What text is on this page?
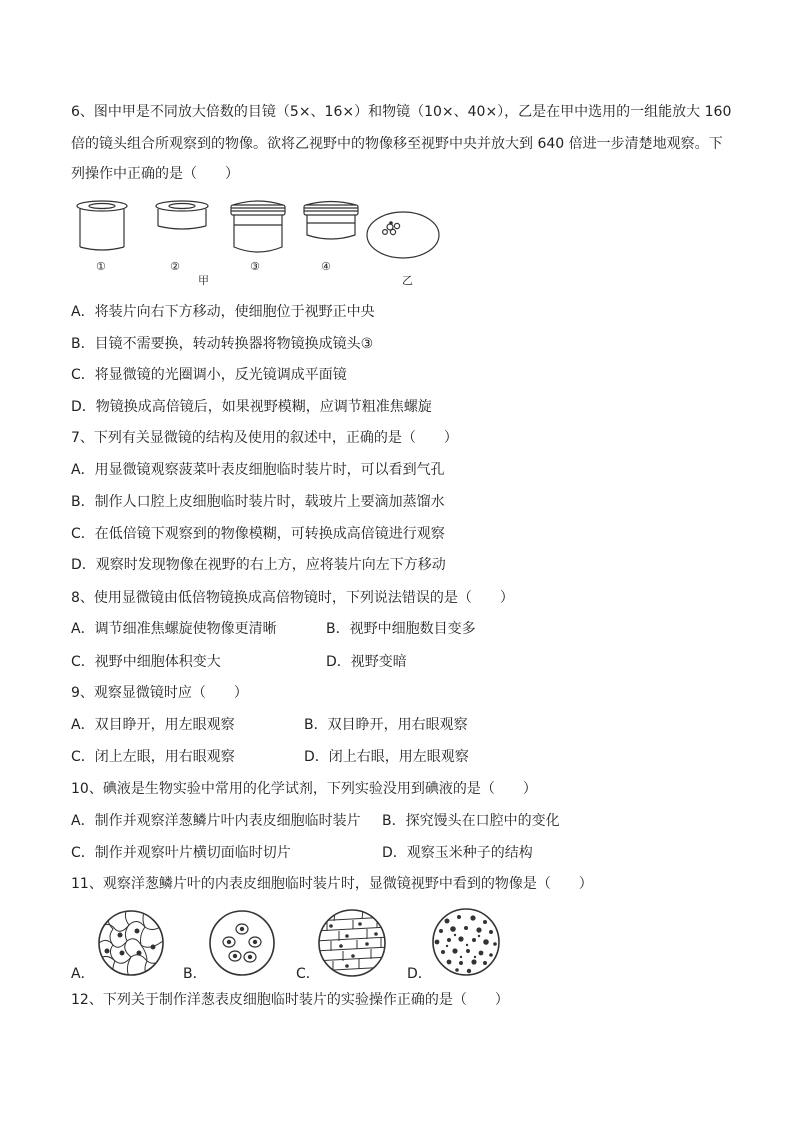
6、图中甲是不同放大倍数的目镜（5×、16×）和物镜（10×、40×），乙是在甲中选用的一组能放大 160
倍的镜头组合所观察到的物像。欲将乙视野中的物像移至视野中央并放大到 640 倍进一步清楚地观察。下
列操作中正确的是（　　）
①	②
甲
③	④
乙
A．将装片向右下方移动，使细胞位于视野正中央
B．目镜不需要换，转动转换器将物镜换成镜头③
C．将显微镜的光圈调小，反光镜调成平面镜
D．物镜换成高倍镜后，如果视野模糊，应调节粗准焦螺旋
7、下列有关显微镜的结构及使用的叙述中，正确的是（　　）
A．用显微镜观察菠菜叶表皮细胞临时装片时，可以看到气孔
B．制作人口腔上皮细胞临时装片时，载玻片上要滴加蒸馏水
C．在低倍镜下观察到的物像模糊，可转换成高倍镜进行观察
D．观察时发现物像在视野的右上方，应将装片向左下方移动
8、使用显微镜由低倍物镜换成高倍物镜时，下列说法错误的是（　　）
A．调节细准焦螺旋使物像更清晰	B．视野中细胞数目变多
C．视野中细胞体积变大	D．视野变暗
9、观察显微镜时应（　　）
A．双目睁开，用左眼观察	B．双目睁开，用右眼观察
C．闭上左眼，用右眼观察	D．闭上右眼，用左眼观察
10、碘液是生物实验中常用的化学试剂，下列实验没用到碘液的是（　　）
A．制作并观察洋葱鳞片叶内表皮细胞临时装片 B．探究馒头在口腔中的变化
C．制作并观察叶片横切面临时切片	D．观察玉米种子的结构
11、观察洋葱鳞片叶的内表皮细胞临时装片时，显微镜视野中看到的物像是（　　）
A．	B．	C．	D．
12、下列关于制作洋葱表皮细胞临时装片的实验操作正确的是（　　）
